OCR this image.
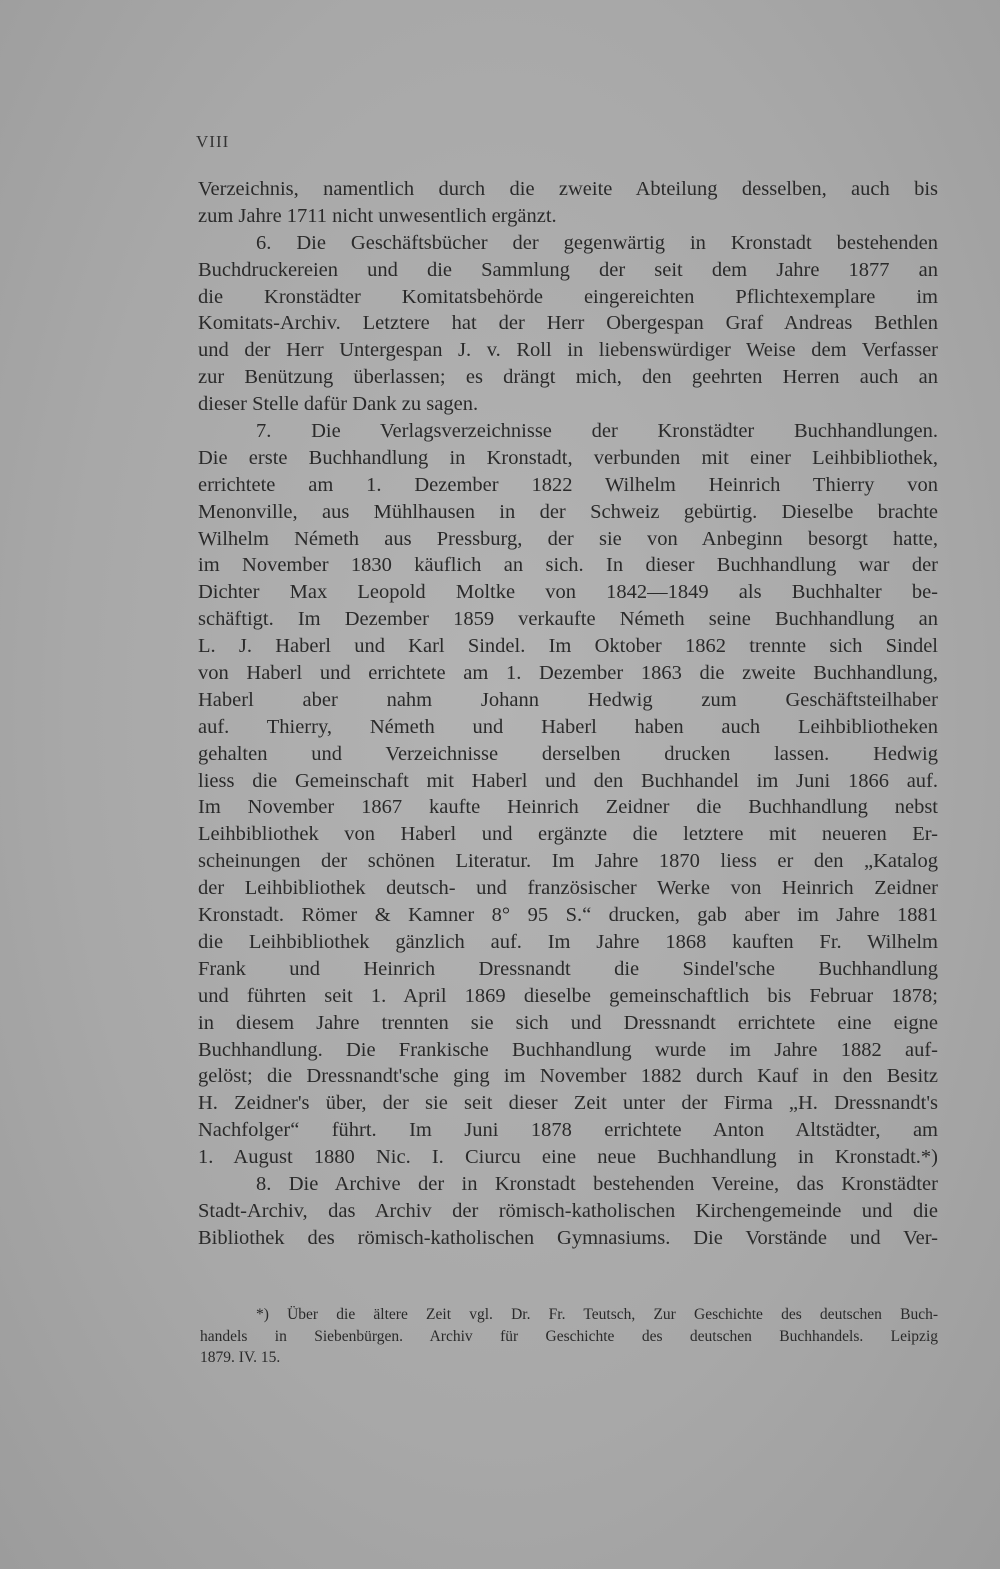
VIII
Verzeichnis, namentlich durch die zweite Abteilung desselben, auch bis
zum Jahre 1711 nicht unwesentlich ergänzt.
6. Die Geschäftsbücher der gegenwärtig in Kronstadt bestehenden
Buchdruckereien und die Sammlung der seit dem Jahre 1877 an
die Kronstädter Komitatsbehörde eingereichten Pflichtexemplare im
Komitats-Archiv. Letztere hat der Herr Obergespan Graf Andreas Bethlen
und der Herr Untergespan J. v. Roll in liebenswürdiger Weise dem Verfasser
zur Benützung überlassen; es drängt mich, den geehrten Herren auch an
dieser Stelle dafür Dank zu sagen.
7. Die Verlagsverzeichnisse der Kronstädter Buchhandlungen.
Die erste Buchhandlung in Kronstadt, verbunden mit einer Leihbibliothek,
errichtete am 1. Dezember 1822 Wilhelm Heinrich Thierry von
Menonville, aus Mühlhausen in der Schweiz gebürtig. Dieselbe brachte
Wilhelm Németh aus Pressburg, der sie von Anbeginn besorgt hatte,
im November 1830 käuflich an sich. In dieser Buchhandlung war der
Dichter Max Leopold Moltke von 1842—1849 als Buchhalter be-
schäftigt. Im Dezember 1859 verkaufte Németh seine Buchhandlung an
L. J. Haberl und Karl Sindel. Im Oktober 1862 trennte sich Sindel
von Haberl und errichtete am 1. Dezember 1863 die zweite Buchhandlung,
Haberl aber nahm Johann Hedwig zum Geschäftsteilhaber
auf. Thierry, Németh und Haberl haben auch Leihbibliotheken
gehalten und Verzeichnisse derselben drucken lassen. Hedwig
liess die Gemeinschaft mit Haberl und den Buchhandel im Juni 1866 auf.
Im November 1867 kaufte Heinrich Zeidner die Buchhandlung nebst
Leihbibliothek von Haberl und ergänzte die letztere mit neueren Er-
scheinungen der schönen Literatur. Im Jahre 1870 liess er den „Katalog
der Leihbibliothek deutsch- und französischer Werke von Heinrich Zeidner
Kronstadt. Römer & Kamner 8° 95 S.“ drucken, gab aber im Jahre 1881
die Leihbibliothek gänzlich auf. Im Jahre 1868 kauften Fr. Wilhelm
Frank und Heinrich Dressnandt die Sindel'sche Buchhandlung
und führten seit 1. April 1869 dieselbe gemeinschaftlich bis Februar 1878;
in diesem Jahre trennten sie sich und Dressnandt errichtete eine eigne
Buchhandlung. Die Frankische Buchhandlung wurde im Jahre 1882 auf-
gelöst; die Dressnandt'sche ging im November 1882 durch Kauf in den Besitz
H. Zeidner's über, der sie seit dieser Zeit unter der Firma „H. Dressnandt's
Nachfolger“ führt. Im Juni 1878 errichtete Anton Altstädter, am
1. August 1880 Nic. I. Ciurcu eine neue Buchhandlung in Kronstadt.*)
8. Die Archive der in Kronstadt bestehenden Vereine, das Kronstädter
Stadt-Archiv, das Archiv der römisch-katholischen Kirchengemeinde und die
Bibliothek des römisch-katholischen Gymnasiums. Die Vorstände und Ver-
*) Über die ältere Zeit vgl. Dr. Fr. Teutsch, Zur Geschichte des deutschen Buch-
handels in Siebenbürgen. Archiv für Geschichte des deutschen Buchhandels. Leipzig
1879. IV. 15.
